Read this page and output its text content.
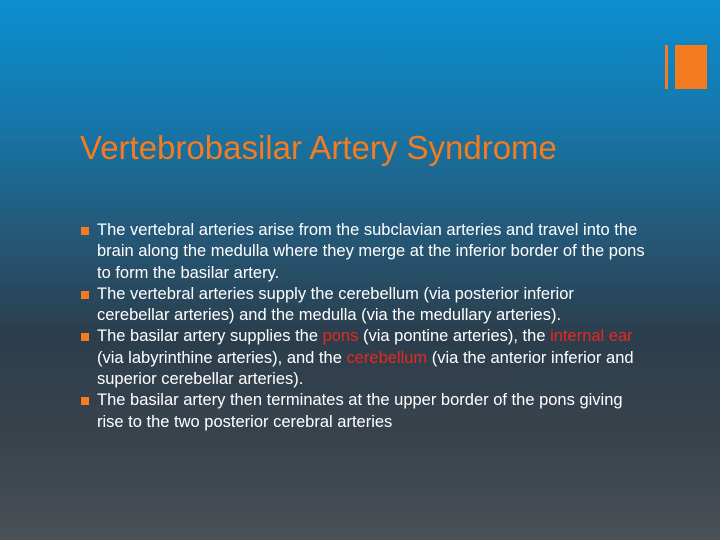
Vertebrobasilar Artery Syndrome
The vertebral arteries arise from the subclavian arteries and travel into the brain along the medulla where they merge at the inferior border of the pons to form the basilar artery.
The vertebral arteries supply the cerebellum (via posterior inferior cerebellar arteries) and the medulla (via the medullary arteries).
The basilar artery supplies the pons (via pontine arteries), the internal ear (via labyrinthine arteries), and the cerebellum (via the anterior inferior and superior cerebellar arteries).
The basilar artery then terminates at the upper border of the pons giving rise to the two posterior cerebral arteries
